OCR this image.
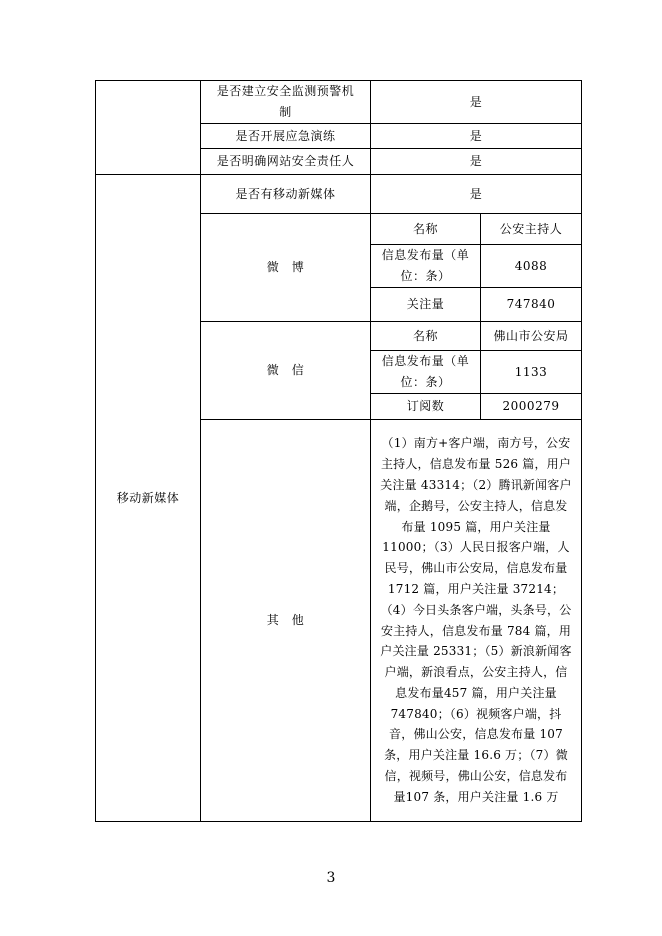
	是否建立安全监测预警机制	是	
	是否开展应急演练	是	
	是否明确网站安全责任人	是	
移动新媒体	是否有移动新媒体	是	
	微　博	名称	公安主持人
		信息发布量（单位：条）	4088
		关注量	747840
	微　信	名称	佛山市公安局
		信息发布量（单位：条）	1133
		订阅数	2000279
	其　他	（1）南方+客户端，南方号，公安主持人，信息发布量 526 篇，用户关注量 43314；（2）腾讯新闻客户端，企鹅号，公安主持人，信息发布量 1095 篇，用户关注量 11000；（3）人民日报客户端，人民号，佛山市公安局，信息发布量 1712 篇，用户关注量 37214；（4）今日头条客户端，头条号，公安主持人，信息发布量 784 篇，用户关注量 25331；（5）新浪新闻客户端，新浪看点，公安主持人，信息发布量457 篇，用户关注量 747840；（6）视频客户端，抖音，佛山公安，信息发布量 107 条，用户关注量 16.6 万；（7）微信，视频号，佛山公安，信息发布量107 条，用户关注量 1.6 万	
3
